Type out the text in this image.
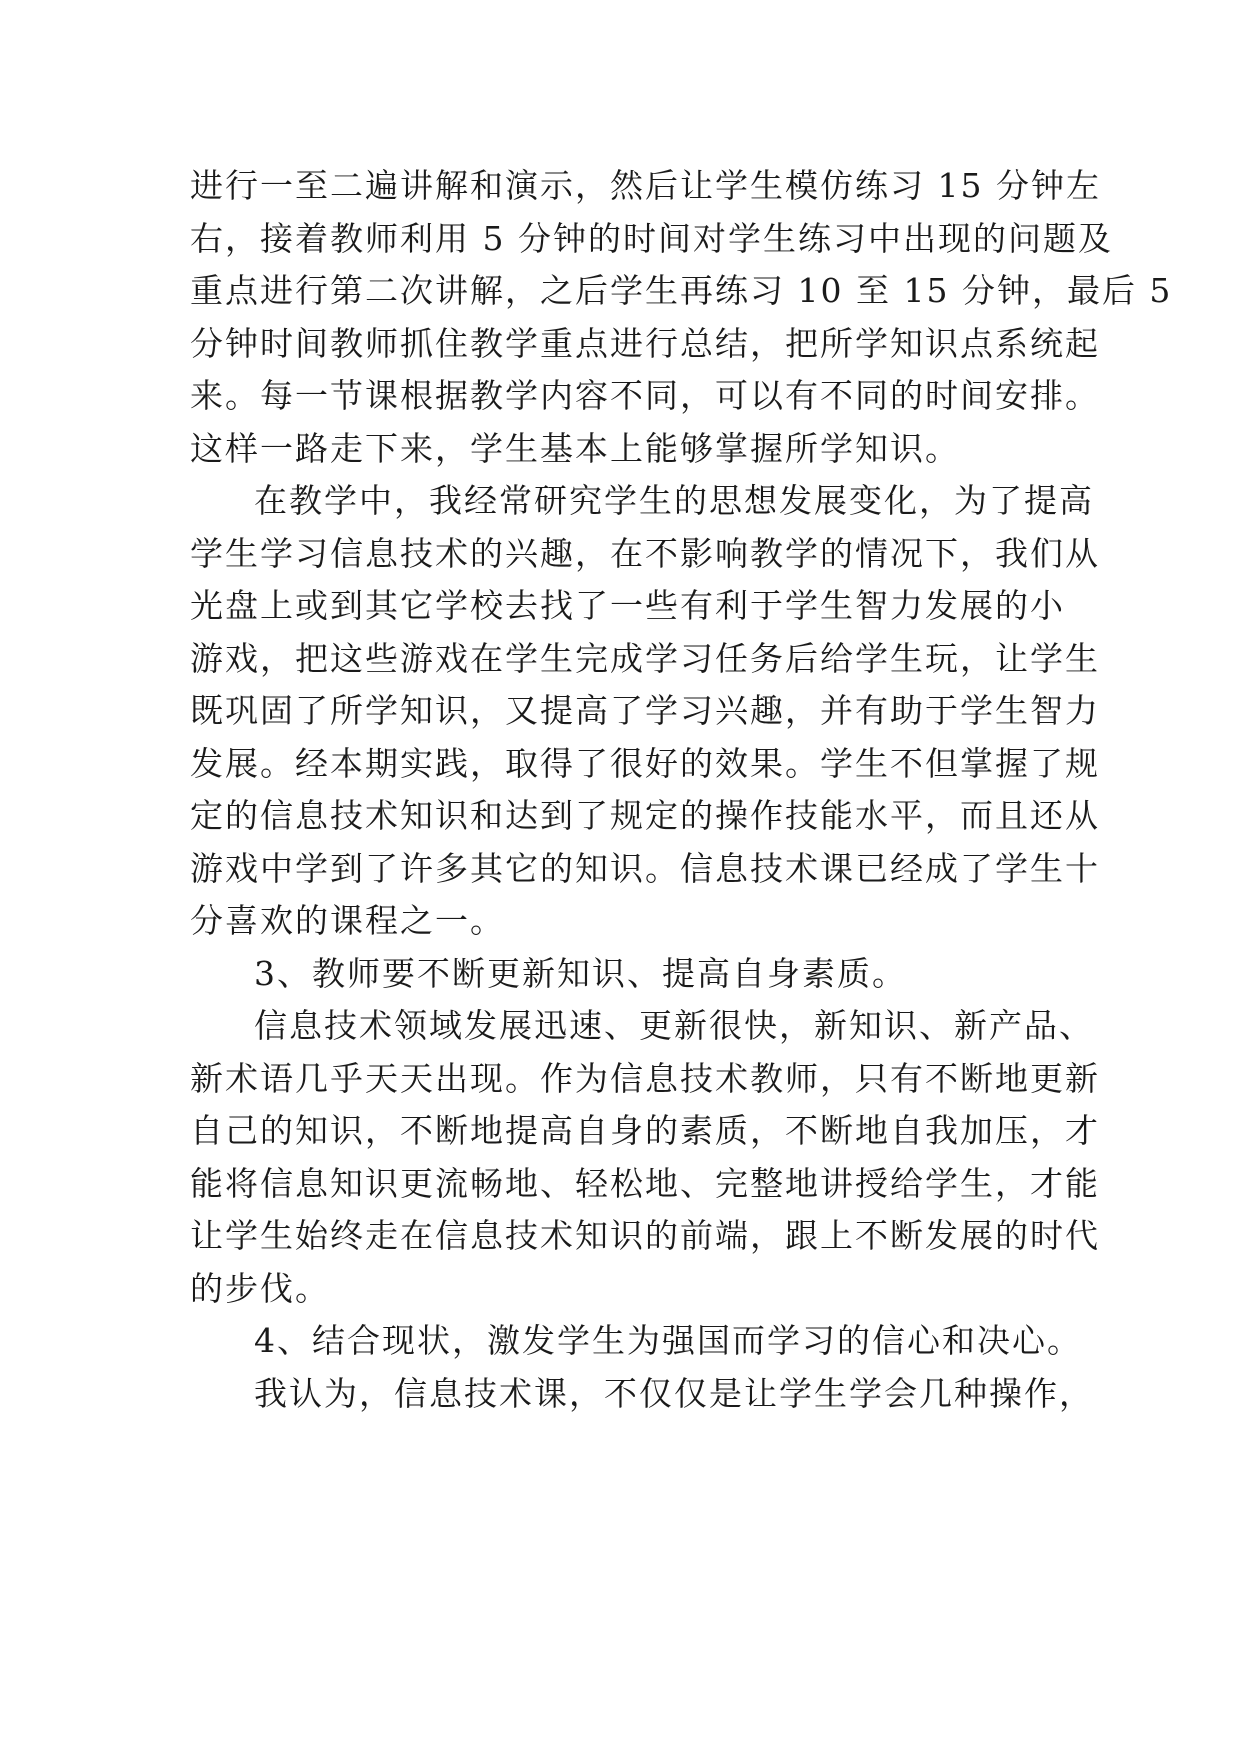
进行一至二遍讲解和演示，然后让学生模仿练习 15 分钟左
右，接着教师利用 5 分钟的时间对学生练习中出现的问题及
重点进行第二次讲解，之后学生再练习 10 至 15 分钟，最后 5
分钟时间教师抓住教学重点进行总结，把所学知识点系统起
来。每一节课根据教学内容不同，可以有不同的时间安排。
这样一路走下来，学生基本上能够掌握所学知识。
在教学中，我经常研究学生的思想发展变化，为了提高
学生学习信息技术的兴趣，在不影响教学的情况下，我们从
光盘上或到其它学校去找了一些有利于学生智力发展的小
游戏，把这些游戏在学生完成学习任务后给学生玩，让学生
既巩固了所学知识，又提高了学习兴趣，并有助于学生智力
发展。经本期实践，取得了很好的效果。学生不但掌握了规
定的信息技术知识和达到了规定的操作技能水平，而且还从
游戏中学到了许多其它的知识。信息技术课已经成了学生十
分喜欢的课程之一。
3、教师要不断更新知识、提高自身素质。
信息技术领域发展迅速、更新很快，新知识、新产品、
新术语几乎天天出现。作为信息技术教师，只有不断地更新
自己的知识，不断地提高自身的素质，不断地自我加压，才
能将信息知识更流畅地、轻松地、完整地讲授给学生，才能
让学生始终走在信息技术知识的前端，跟上不断发展的时代
的步伐。
4、结合现状，激发学生为强国而学习的信心和决心。
我认为，信息技术课，不仅仅是让学生学会几种操作，
